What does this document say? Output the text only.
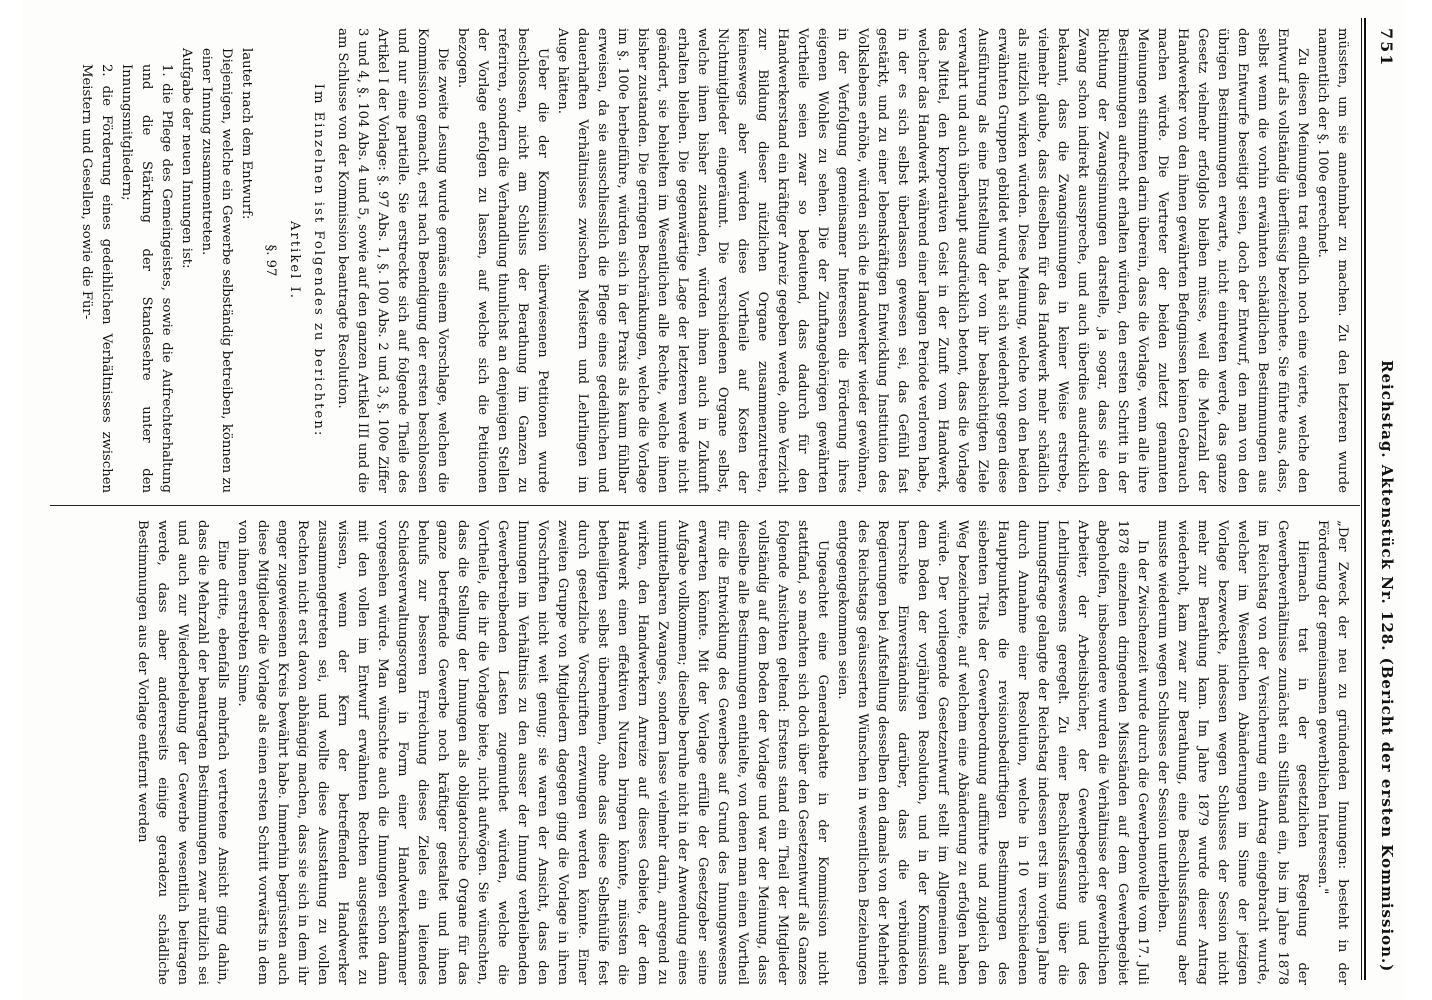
751
Reichstag. Aktenstück Nr. 128. (Bericht der ersten Kommission.)

müssten, um sie annehmbar zu machen. Zu den letzteren wurde namentlich der §. 100e gerechnet.

Zu diesen Meinungen trat endlich noch eine vierte, welche den Entwurf als vollständig überflüssig bezeichnete. Sie führte aus, dass, selbst wenn die vorhin erwähnten schädlichen Bestimmungen aus dem Entwurfe beseitigt seien, doch der Entwurf, den man von den übrigen Bestimmungen erwarte, nicht eintreten werde, das ganze Gesetz vielmehr erfolglos bleiben müsse, weil die Mehrzahl der Handwerker von den ihnen gewährten Befugnissen keinen Gebrauch machen würde. Die Vertreter der beiden zuletzt genannten Meinungen stimmten darin überein, dass die Vorlage, wenn alle ihre Bestimmungen aufrecht erhalten würden, den ersten Schritt in der Richtung der Zwangsinnungen darstelle, ja sogar, dass sie den Zwang schon indirekt ausspreche, und auch überdies ausdrücklich bekannt, dass die Zwangsinnungen in keiner Weise erstrebe, vielmehr glaube, dass dieselben für das Handwerk mehr schädlich als nützlich wirken würden. Diese Meinung, welche von den beiden erwähnten Gruppen gebildet wurde, hat sich wiederholt gegen diese Ausführung als eine Entstellung der von ihr beabsichtigten Ziele verwahrt und auch überhaupt ausdrücklich betont, dass die Vorlage das Mittel, den korporativen Geist in der Zunft vom Handwerk, welcher das Handwerk während einer langen Periode verloren habe, in der es sich selbst überlassen gewesen sei, das Gefühl fast gestärkt, und zu einer lebenskräftigen Entwicklung Institution des Volkslebens erhöhe, würden sich die Handwerker wieder gewöhnen, in der Verfolgung gemeinsamer Interessen die Förderung ihres eigenen Wohles zu sehen. Die der Zunftangehörigen gewährten Vortheile seien zwar so bedeutend, dass dadurch für den Handwerkerstand ein kräftiger Anreiz gegeben werde, ohne Verzicht zur Bildung dieser nützlichen Organe zusammenzutreten, keineswegs aber würden diese Vortheile auf Kosten der Nichtmitglieder eingeräumt. Die verschiedenen Organe selbst, welche ihnen bisher zustanden, würden ihnen auch in Zukunft erhalten bleiben. Die gegenwärtige Lage der letzteren werde nicht geändert, sie behielten im Wesentlichen alle Rechte, welche ihnen bisher zustanden. Die geringen Beschränkungen, welche die Vorlage im §. 100e herbeiführe, würden sich in der Praxis als kaum fühlbar erweisen, da sie ausschliesslich die Pflege eines gedeihlichen und dauerhaften Verhältnisses zwischen Meistern und Lehrlingen im Auge hätten.

Ueber die der Kommission überwiesenen Petitionen wurde beschlossen, nicht am Schluss der Berathung im Ganzen zu referiren, sondern die Verhandlung thunlichst an denjenigen Stellen der Vorlage erfolgen zu lassen, auf welche sich die Petitionen bezogen.

Die zweite Lesung wurde gemäss einem Vorschlage, welchen die Kommission gemacht, erst nach Beendigung der ersten beschlossen und nur eine partielle. Sie erstreckte sich auf folgende Theile des Artikel I der Vorlage: §. 97 Abs. 1, §. 100 Abs. 2 und 3, §. 100e Ziffer 3 und 4, §. 104 Abs. 4 und 5, sowie auf den ganzen Artikel III und die am Schlusse von der Kommission beantragte Resolution.

Im Einzelnen ist Folgendes zu berichten:

Artikel I.

§. 97

lautet nach dem Entwurf:

Diejenigen, welche ein Gewerbe selbständig betreiben, können zu einer Innung zusammentreten.

Aufgabe der neuen Innungen ist:

1. die Pflege des Gemeingeistes, sowie die Aufrechterhaltung und die Stärkung der Standesehre unter den Innungsmitgliedern;

2. die Förderung eines gedeihlichen Verhältnisses zwischen Meistern und Gesellen, sowie die Für-

„Der Zweck der neu zu gründenden Innungen: besteht in der Förderung der gemeinsamen gewerblichen Interessen."

Hiernach trat in der gesetzlichen Regelung der Gewerbeverhältnisse zunächst ein Stillstand ein, bis im Jahre 1878 im Reichstag von der Versicherung ein Antrag eingebracht wurde, welcher im Wesentlichen Abänderungen im Sinne der jetzigen Vorlage bezweckte, indessen wegen Schlusses der Session nicht mehr zur Berathung kam. Im Jahre 1879 wurde dieser Antrag wiederholt, kam zwar zur Berathung, eine Beschlussfassung aber musste wiederum wegen Schlusses der Session unterbleiben.

In der Zwischenzeit wurde durch die Gewerbenovelle vom 17. Juli 1878 einzelnen dringenden Missständen auf dem Gewerbegebiet abgeholfen, insbesondere wurden die Verhältnisse der gewerblichen Arbeiter, der Arbeitsbücher, der Gewerbegerichte und des Lehrlingswesens geregelt. Zu einer Beschlussfassung über die Innungsfrage gelangte der Reichstag indessen erst im vorigen Jahre durch Annahme einer Resolution, welche in 10 verschiedenen Hauptpunkten die revisionsbedürftigen Bestimmungen des siebenten Titels der Gewerbeordnung aufführte und zugleich den Weg bezeichnete, auf welchem eine Abänderung zu erfolgen haben würde. Der vorliegende Gesetzentwurf stellt im Allgemeinen auf dem Boden der vorjährigen Resolution, und in der Kommission herrschte Einverständniss darüber, dass die verbündeten Regierungen bei Aufstellung desselben den damals von der Mehrheit des Reichstags geäusserten Wünschen in wesentlichen Beziehungen entgegengekommen seien.

Ungeachtet eine Generaldebatte in der Kommission nicht stattfand, so machten sich doch über den Gesetzentwurf als Ganzes folgende Ansichten geltend: Erstens stand ein Theil der Mitglieder vollständig auf dem Boden der Vorlage und war der Meinung, dass dieselbe alle Bestimmungen enthielte, von denen man einen Vortheil für die Entwicklung des Gewerbes auf Grund des Innungswesens erwarten könnte. Mit der Vorlage erfülle der Gesetzgeber seine Aufgabe vollkommen; dieselbe beruhe nicht in der Anwendung eines unmittelbaren Zwanges, sondern lasse vielmehr darin, anregend zu wirken, den Handwerkern Anreize auf dieses Gebiete, der dem Handwerk einen effektiven Nutzen bringen könnte, müssten die betheiligten selbst übernehmen, ohne dass diese Selbsthülfe fest durch gesetzliche Vorschriften erzwungen werden könnte. Einer zweiten Gruppe von Mitgliedern dagegen ging die Vorlage in ihren Vorschriften nicht weit genug; sie waren der Ansicht, dass den Innungen im Verhältniss zu den ausser der Innung verbleibenden Gewerbetreibenden Lasten zugemuthet würden, welche die Vortheile, die ihr die Vorlage biete, nicht aufwögen. Sie wünschten, dass die Stellung der Innungen als obligatorische Organe für das ganze betreffende Gewerbe noch kräftiger gestaltet und ihnen behufs zur besseren Erreichung dieses Zieles ein leitendes Schiedsverwaltungsorgan in Form einer Handwerkerkammer vorgesehen würde. Man wünschte auch die Innungen schon dann mit den vollen im Entwurf erwähnten Rechten ausgestattet zu wissen, wenn der Kern der betreffenden Handwerker zusammengetreten sei, und wollte diese Ausstattung zu vollen Rechten nicht erst davon abhängig machen, dass sie sich in dem ihr enger zugewiesenen Kreis bewährt habe. Immerhin begrüssten auch diese Mitglieder die Vorlage als einen ersten Schritt vorwärts in dem von ihnen erstrebten Sinne.

Eine dritte, ebenfalls mehrfach vertretene Ansicht ging dahin, dass die Mehrzahl der beantragten Bestimmungen zwar nützlich sei und auch zur Wiederbelebung der Gewerbe wesentlich beitragen werde, dass aber andererseits einige geradezu schädliche Bestimmungen aus der Vorlage entfernt werden
